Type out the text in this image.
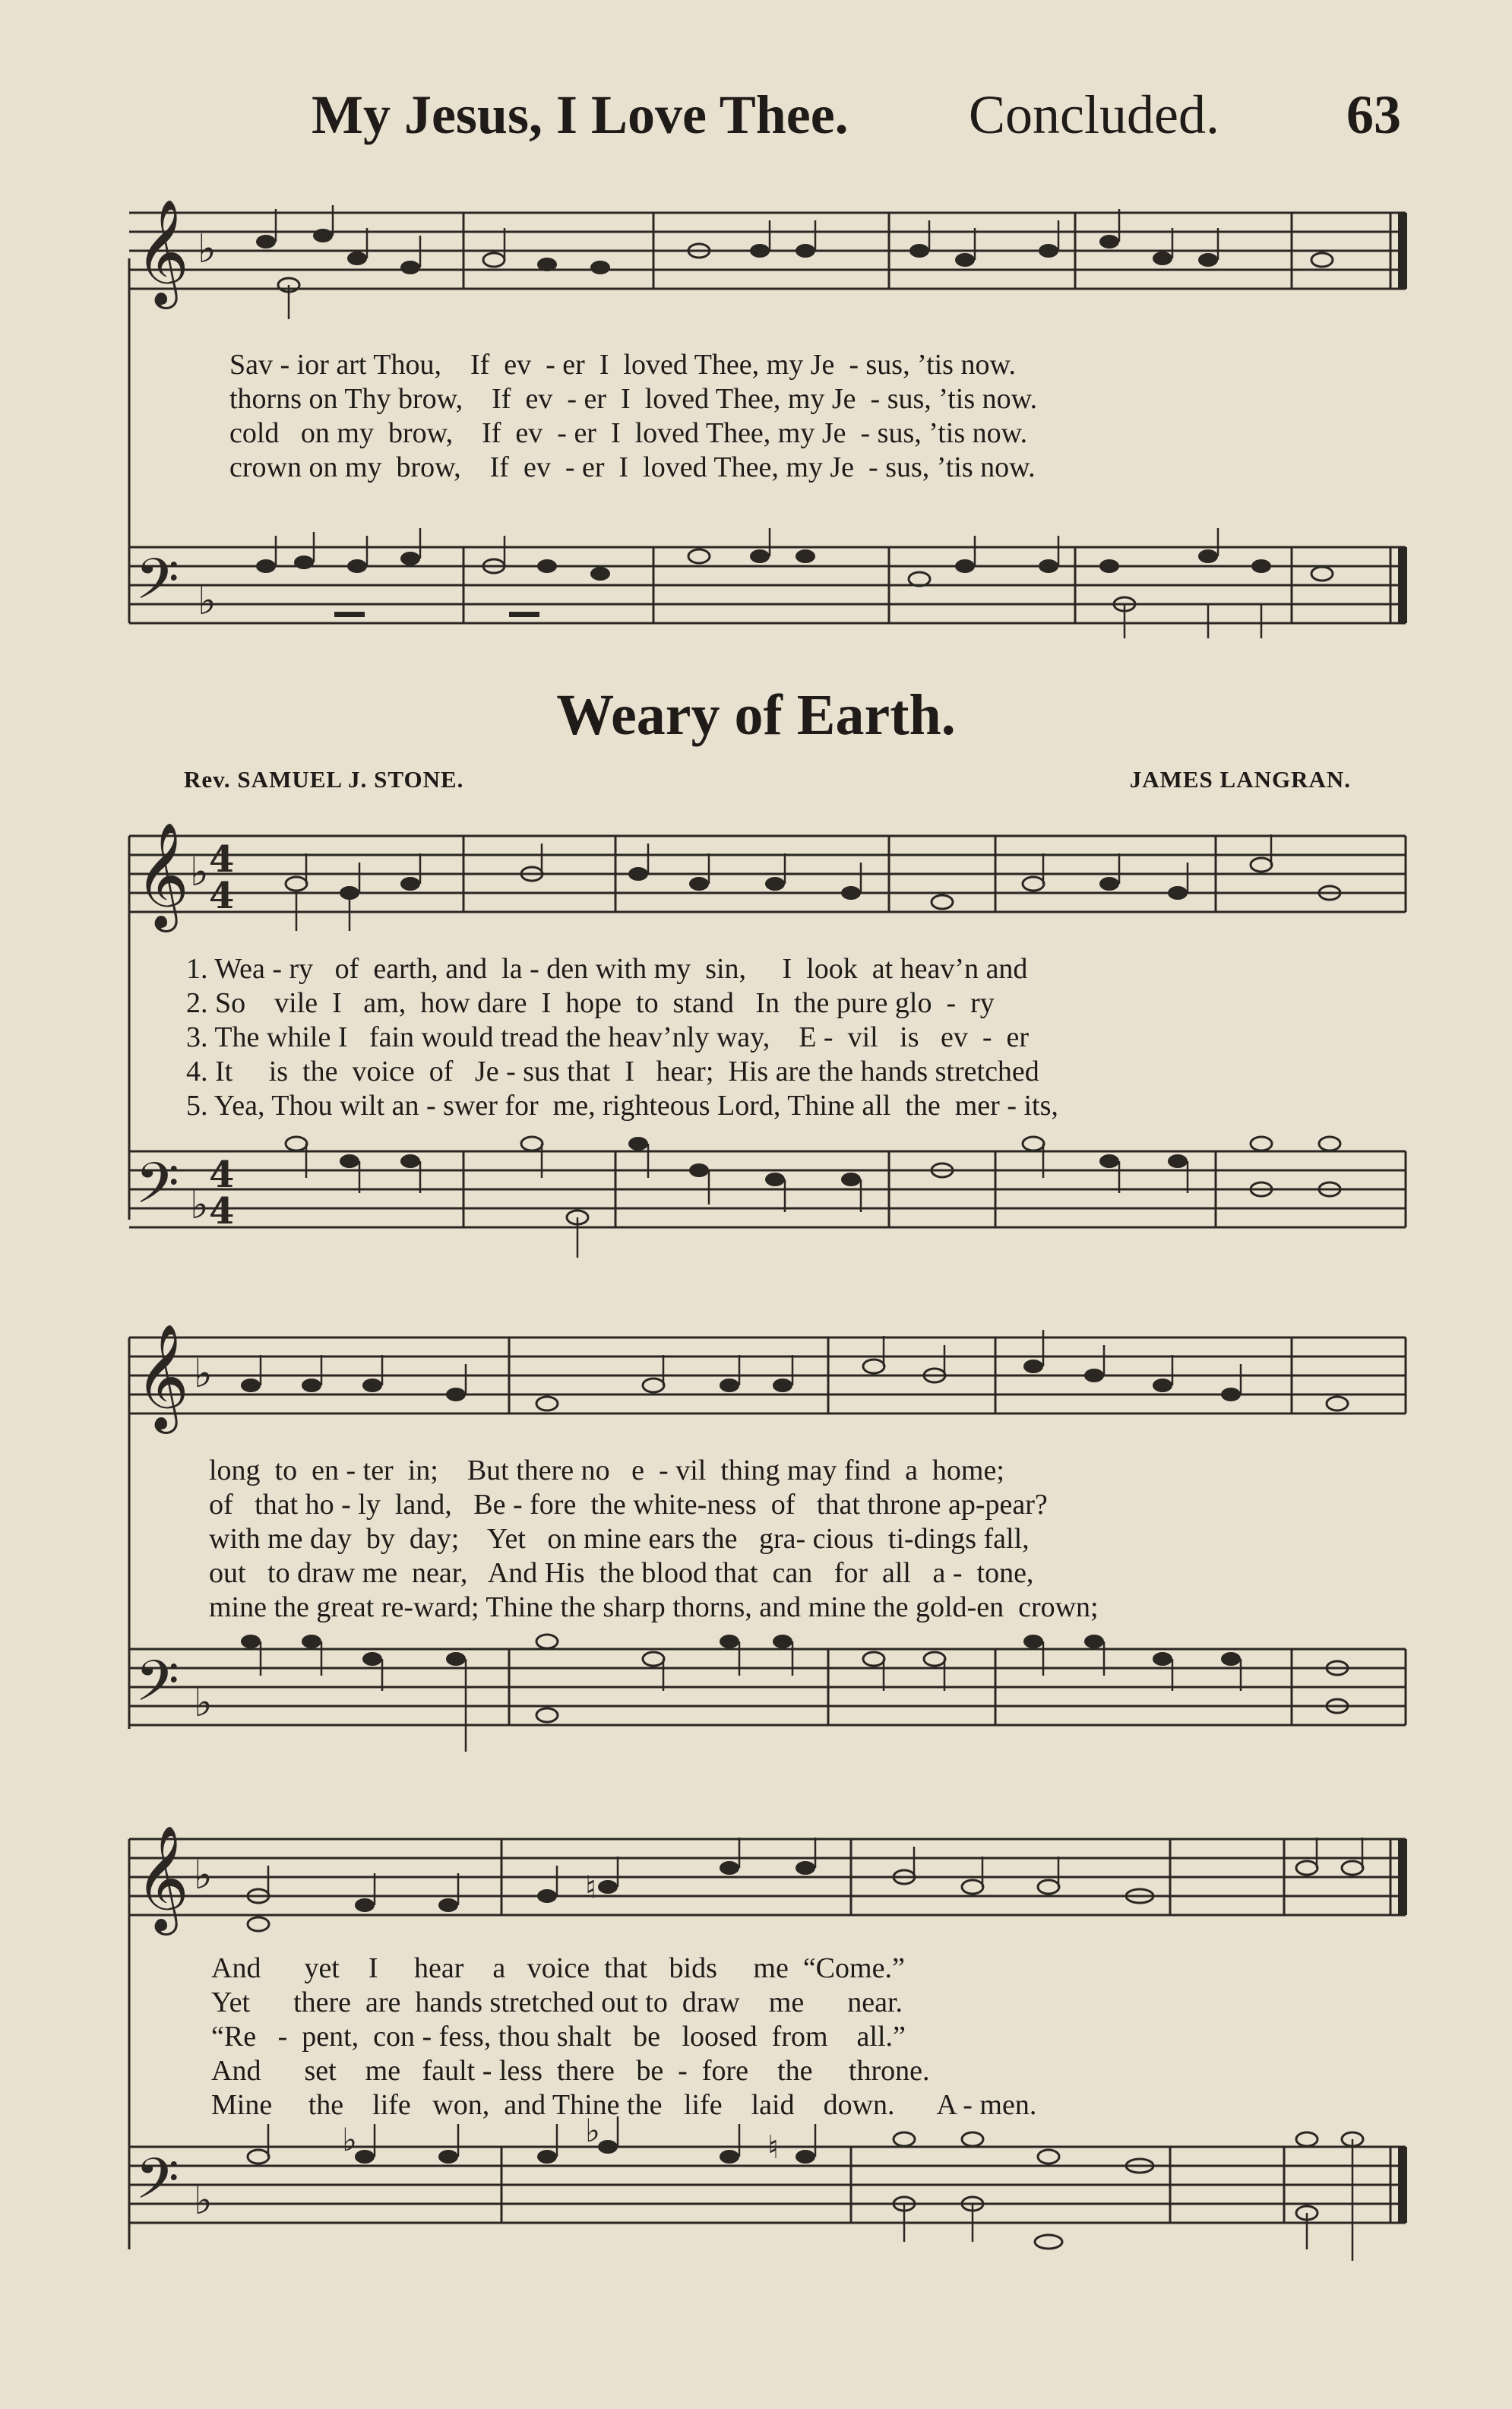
My Jesus, I Love Thee. Concluded. 63
𝄞 ♭
Sav - ior art Thou,    If  ev  - er  I  loved Thee, my Je  - sus, ’tis now.
thorns on Thy brow,    If  ev  - er  I  loved Thee, my Je  - sus, ’tis now.
cold   on my  brow,    If  ev  - er  I  loved Thee, my Je  - sus, ’tis now.
crown on my  brow,    If  ev  - er  I  loved Thee, my Je  - sus, ’tis now.
𝄢 ♭
Weary of Earth.
Rev. SAMUEL J. STONE.	JAMES LANGRAN.
𝄞 ♭ 4
4
1. Wea - ry   of  earth, and  la - den with my  sin,     I  look  at heav’n and
2. So    vile  I   am,  how dare  I  hope  to  stand   In  the pure glo  -  ry
3. The while I   fain would tread the heav’nly way,    E -  vil   is   ev  -  er
4. It     is  the  voice  of   Je - sus that  I   hear;  His are the hands stretched
5. Yea, Thou wilt an - swer for  me, righteous Lord, Thine all  the  mer - its,
𝄢 ♭
4
4
𝄞 ♭
long  to  en - ter  in;    But there no   e  - vil  thing may find  a  home;
of   that ho - ly  land,   Be - fore  the white-ness  of   that throne ap-pear?
with me day  by  day;    Yet   on mine ears the   gra- cious  ti-dings fall,
out   to draw me  near,   And His  the blood that  can   for  all   a -  tone,
mine the great re-ward; Thine the sharp thorns, and mine the gold-en  crown;
𝄢 ♭
𝄞 ♭	♮
And      yet    I     hear    a   voice  that   bids     me  “Come.”
Yet      there  are  hands stretched out to  draw    me      near.
“Re   -  pent,  con - fess, thou shalt   be   loosed  from    all.”
And      set    me   fault - less  there   be  -  fore    the     throne.
Mine     the    life   won,  and Thine the   life    laid    down.      A - men.
𝄢 ♭
♭	♭	♮
